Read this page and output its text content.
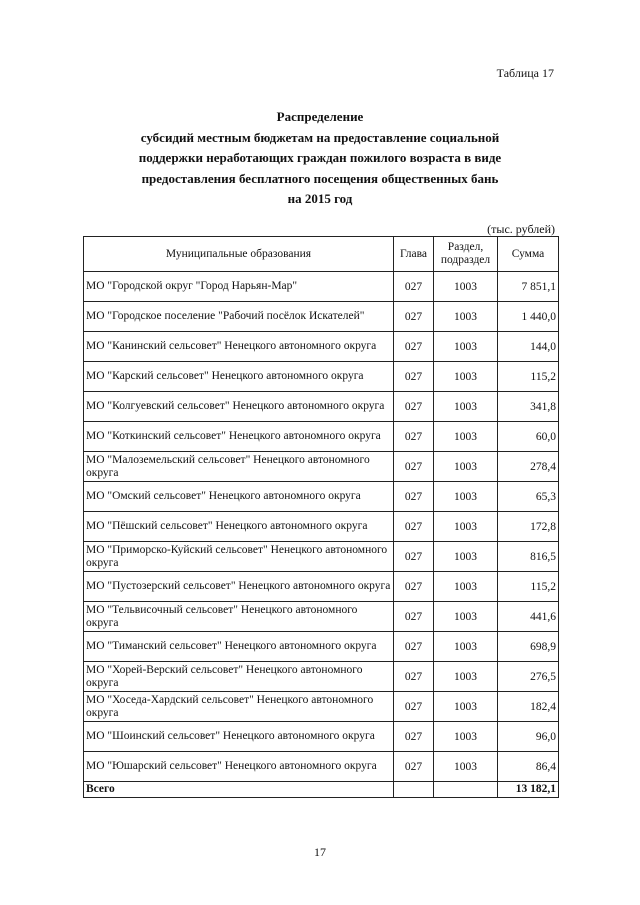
Таблица 17
Распределение
субсидий местным бюджетам на предоставление социальной
поддержки неработающих граждан пожилого возраста в виде
предоставления бесплатного посещения общественных бань
на 2015 год
(тыс. рублей)
Муниципальные образования	Глава	Раздел, подраздел	Сумма
МО "Городской округ "Город Нарьян-Мар"	027	1003	7 851,1
МО "Городское поселение "Рабочий посёлок Искателей"	027	1003	1 440,0
МО "Канинский сельсовет" Ненецкого автономного округа	027	1003	144,0
МО "Карский сельсовет" Ненецкого автономного округа	027	1003	115,2
МО "Колгуевский сельсовет" Ненецкого автономного округа	027	1003	341,8
МО "Коткинский сельсовет" Ненецкого автономного округа	027	1003	60,0
МО "Малоземельский сельсовет" Ненецкого автономного округа	027	1003	278,4
МО "Омский сельсовет" Ненецкого автономного округа	027	1003	65,3
МО "Пёшский сельсовет" Ненецкого автономного округа	027	1003	172,8
МО "Приморско-Куйский сельсовет" Ненецкого автономного округа	027	1003	816,5
МО "Пустозерский сельсовет" Ненецкого автономного округа	027	1003	115,2
МО "Тельвисочный сельсовет" Ненецкого автономного округа	027	1003	441,6
МО "Тиманский сельсовет" Ненецкого автономного округа	027	1003	698,9
МО "Хорей-Верский сельсовет" Ненецкого автономного округа	027	1003	276,5
МО "Хоседа-Хардский сельсовет" Ненецкого автономного округа	027	1003	182,4
МО "Шоинский сельсовет" Ненецкого автономного округа	027	1003	96,0
МО "Юшарский сельсовет" Ненецкого автономного округа	027	1003	86,4
Всего			13 182,1
17
